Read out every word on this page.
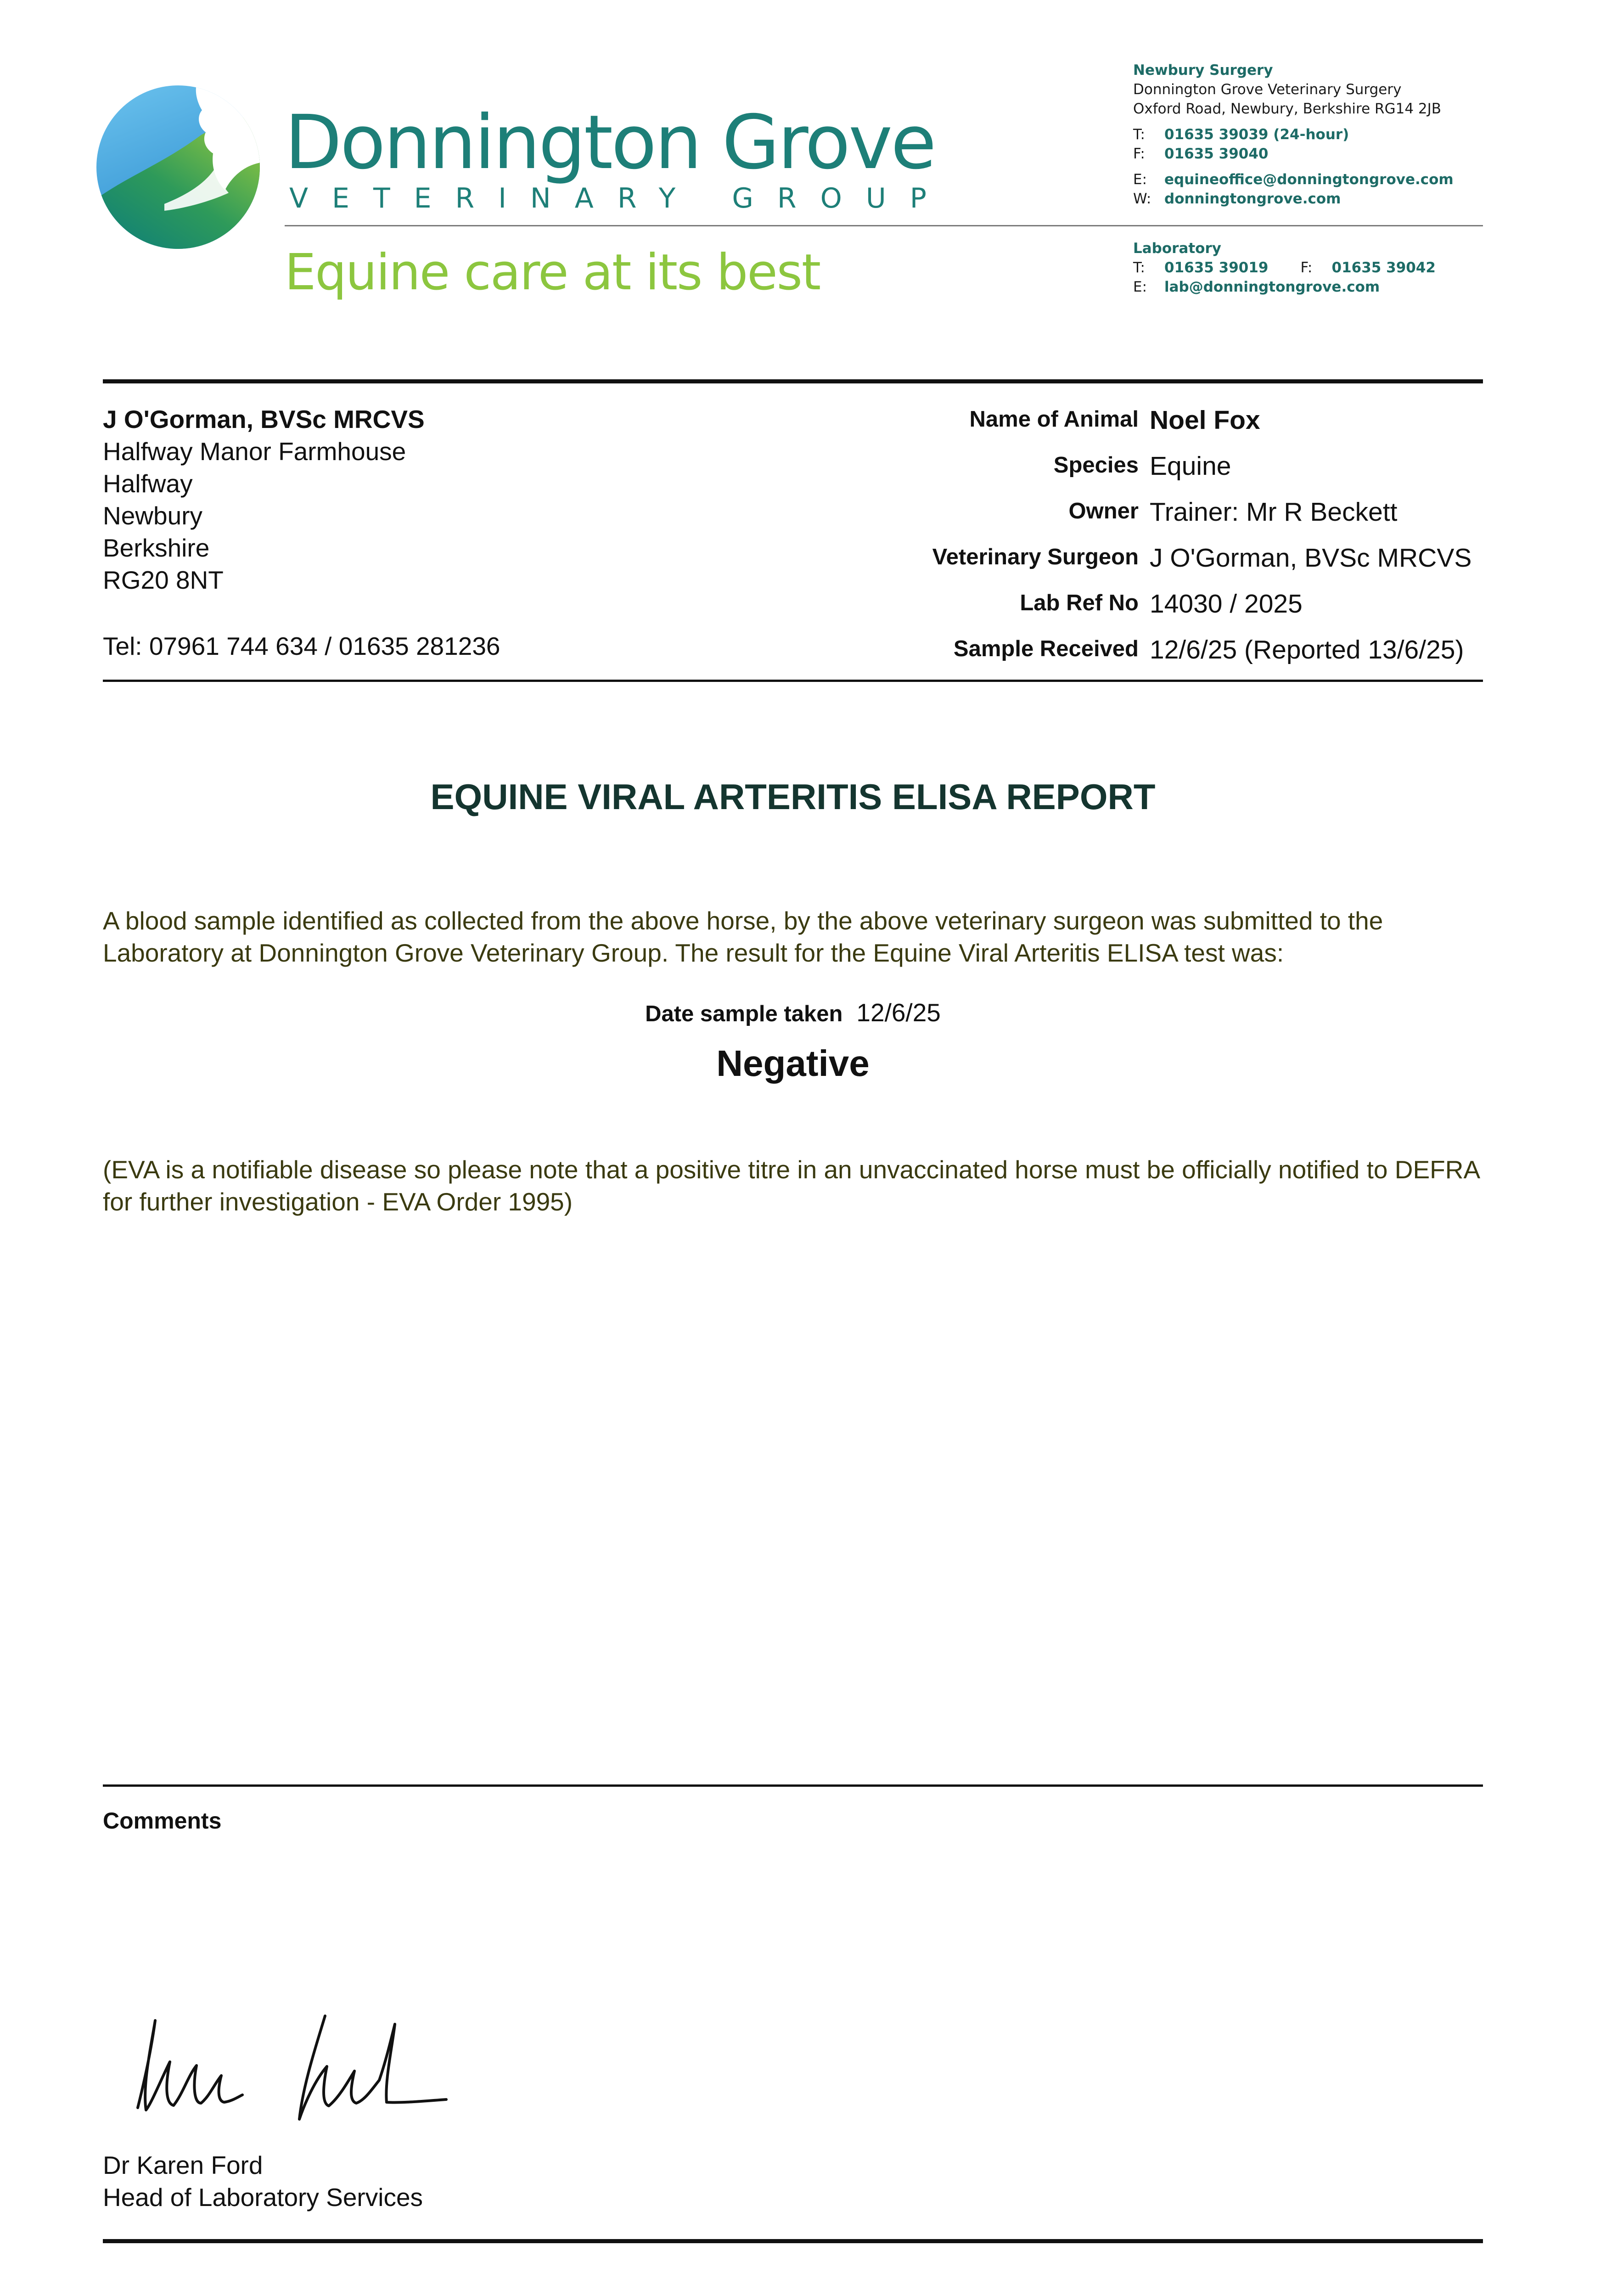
Donnington Grove
VETERINARY GROUP
Equine care at its best
Newbury Surgery
Donnington Grove Veterinary Surgery
Oxford Road, Newbury, Berkshire RG14 2JB
T: 01635 39039 (24-hour)
F: 01635 39040
E: equineoffice@donningtongrove.com
W: donningtongrove.com
Laboratory
T: 01635 39019 F: 01635 39042
E: lab@donningtongrove.com
J O'Gorman, BVSc MRCVS
Halfway Manor Farmhouse
Halfway
Newbury
Berkshire
RG20 8NT
Tel: 07961 744 634 / 01635 281236
Name of Animal Noel Fox
Species Equine
Owner Trainer: Mr R Beckett
Veterinary Surgeon J O'Gorman, BVSc MRCVS
Lab Ref No 14030 / 2025
Sample Received 12/6/25 (Reported 13/6/25)
EQUINE VIRAL ARTERITIS ELISA REPORT
A blood sample identified as collected from the above horse, by the above veterinary surgeon was submitted to the Laboratory at Donnington Grove Veterinary Group. The result for the Equine Viral Arteritis ELISA test was:
Date sample taken 12/6/25
Negative
(EVA is a notifiable disease so please note that a positive titre in an unvaccinated horse must be officially notified to DEFRA for further investigation - EVA Order 1995)
Comments
Dr Karen Ford
Head of Laboratory Services
